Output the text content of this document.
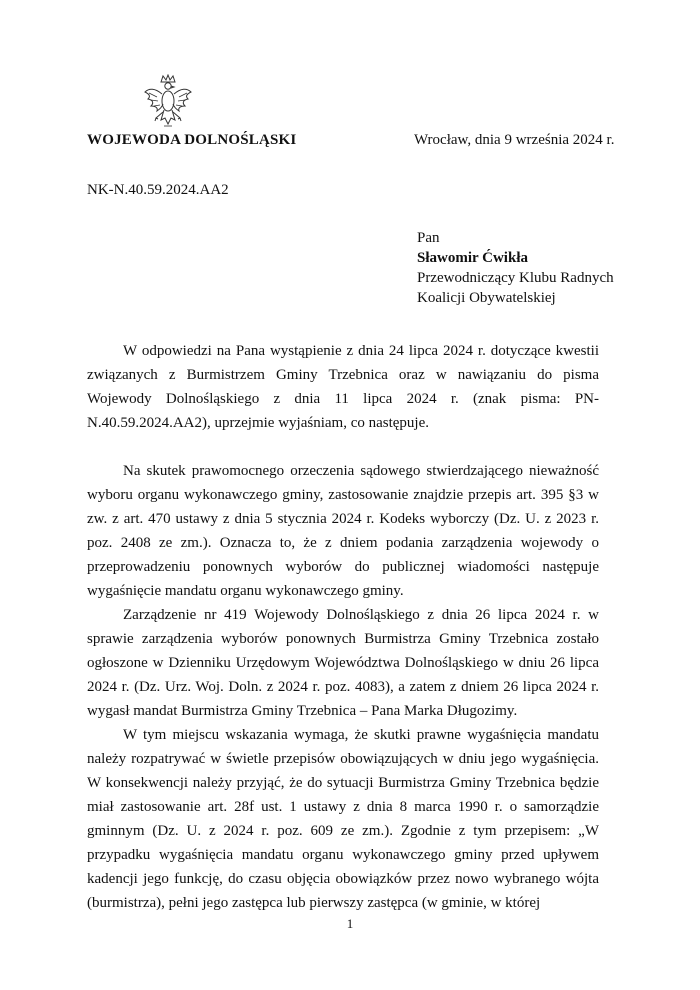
WOJEWODA DOLNOŚLĄSKI	Wrocław, dnia 9 września 2024 r.
NK-N.40.59.2024.AA2
Pan
Sławomir Ćwikła
Przewodniczący Klubu Radnych
Koalicji Obywatelskiej

W odpowiedzi na Pana wystąpienie z dnia 24 lipca 2024 r. dotyczące kwestii związanych z Burmistrzem Gminy Trzebnica oraz w nawiązaniu do pisma Wojewody Dolnośląskiego z dnia 11 lipca 2024 r. (znak pisma: PN-N.40.59.2024.AA2), uprzejmie wyjaśniam, co następuje.

Na skutek prawomocnego orzeczenia sądowego stwierdzającego nieważność wyboru organu wykonawczego gminy, zastosowanie znajdzie przepis art. 395 §3 w zw. z art. 470 ustawy z dnia 5 stycznia 2024 r. Kodeks wyborczy (Dz. U. z 2023 r. poz. 2408 ze zm.). Oznacza to, że z dniem podania zarządzenia wojewody o przeprowadzeniu ponownych wyborów do publicznej wiadomości następuje wygaśnięcie mandatu organu wykonawczego gminy.

Zarządzenie nr 419 Wojewody Dolnośląskiego z dnia 26 lipca 2024 r. w sprawie zarządzenia wyborów ponownych Burmistrza Gminy Trzebnica zostało ogłoszone w Dzienniku Urzędowym Województwa Dolnośląskiego w dniu 26 lipca 2024 r. (Dz. Urz. Woj. Doln. z 2024 r. poz. 4083), a zatem z dniem 26 lipca 2024 r. wygasł mandat Burmistrza Gminy Trzebnica – Pana Marka Długozimy.

W tym miejscu wskazania wymaga, że skutki prawne wygaśnięcia mandatu należy rozpatrywać w świetle przepisów obowiązujących w dniu jego wygaśnięcia. W konsekwencji należy przyjąć, że do sytuacji Burmistrza Gminy Trzebnica będzie miał zastosowanie art. 28f ust. 1 ustawy z dnia 8 marca 1990 r. o samorządzie gminnym (Dz. U. z 2024 r. poz. 609 ze zm.). Zgodnie z tym przepisem: „W przypadku wygaśnięcia mandatu organu wykonawczego gminy przed upływem kadencji jego funkcję, do czasu objęcia obowiązków przez nowo wybranego wójta (burmistrza), pełni jego zastępca lub pierwszy zastępca (w gminie, w której

1
